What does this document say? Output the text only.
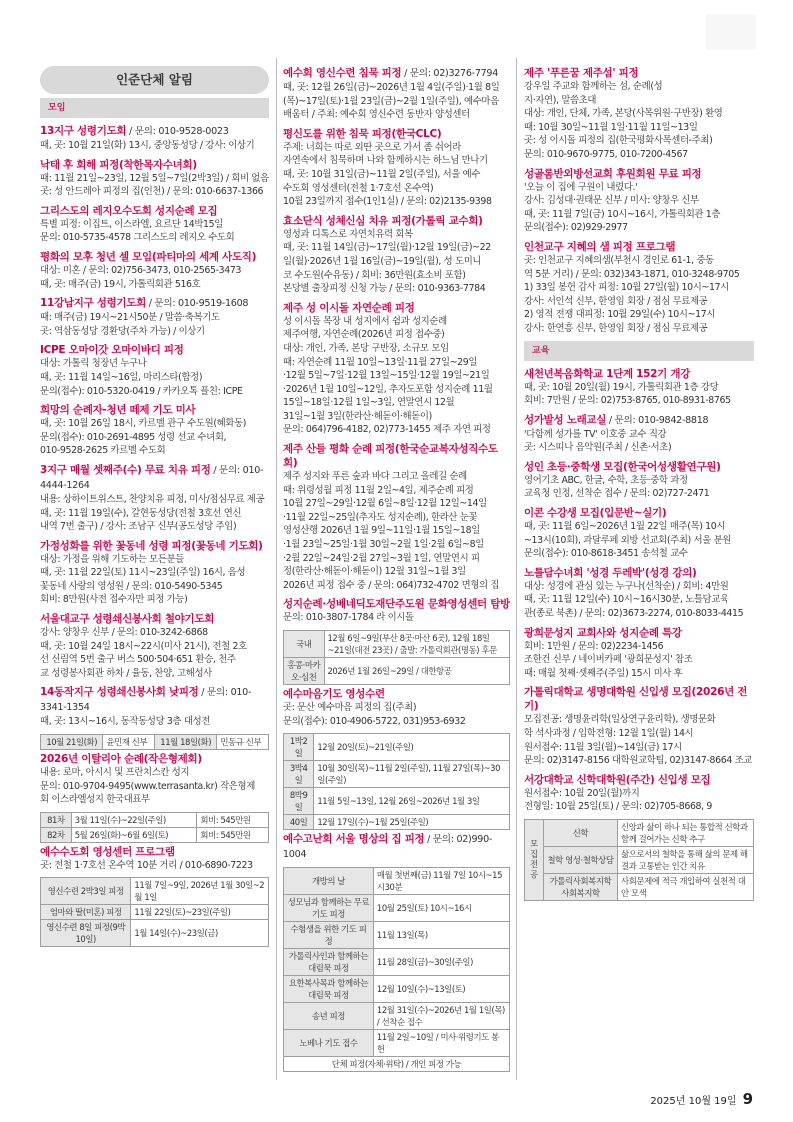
인준단체 알림
모임
13지구 성령기도회 / 문의: 010-9528-0023
때, 곳: 10월 21일(화) 13시, 중앙동성당 / 강사: 이상기
낙태 후 회해 피정(착한목자수녀회)
때: 11월 21일~23일, 12월 5일~7일(2박3일) / 회비 없음
곳: 성 안드레아 피정의 집(인천) / 문의: 010-6637-1366
그리스도의 레지오수도회 성지순례 모집
특별 피정: 이집트, 이스라엘, 요르단 14박15일
문의: 010-5735-4578 그리스도의 레지오 수도회
평화의 모후 청년 셀 모임(파티마의 세계 사도직)
대상: 미혼 / 문의: 02)756-3473, 010-2565-3473
때, 곳: 매주(금) 19시, 가톨릭회관 516호
11강남지구 성령기도회 / 문의: 010-9519-1608
때: 매주(금) 19시~21시50분 / 말씀·축복기도
곳: 역삼동성당 경환당(주차 가능) / 이상기
ICPE 오마이갓 오마이바디 피정
대상: 가톨릭 청장년 누구나
때, 곳: 11월 14일~16일, 마리스타(합정)
문의(접수): 010-5320-0419 / 카카오톡 플친: ICPE
희망의 순례자-청년 떼제 기도 미사
때, 곳: 10월 26일 18시, 카르멜 관구 수도원(혜화동)
문의(접수): 010-2691-4895 성령 선교 수녀회,
010-9528-2625 카르멜 수도회
3지구 매월 셋째주(수) 무료 치유 피정 / 문의: 010-4444-1264
내용: 상하이트위스트, 찬양치유 피정, 미사/점심무료 제공
때, 곳: 11월 19일(수), 갈현동성당(전철 3호선 연신
내역 7번 출구) / 강사: 조남구 신부(공도성당 주임)
가정성화를 위한 꽃동네 성령 피정(꽃동네 기도회)
대상: 가정을 위해 기도하는 모든분들
때, 곳: 11월 22일(토) 11시~23일(주일) 16시, 음성
꽃동네 사랑의 영성원 / 문의: 010-5490-5345
회비: 8만원(사전 접수자만 피정 가능)
서울대교구 성령쇄신봉사회 철야기도회
강사: 양창우 신부 / 문의: 010-3242-6868
때, 곳: 10월 24일 18시~22시(미사 21시), 전철 2호
선 신림역 5번 출구 버스 500·504·651 환승, 천주
교 성령봉사회관 하차 / 율동, 찬양, 고해성사
14동작지구 성령쇄신봉사회 낮피정 / 문의: 010-3341-1354
때, 곳: 13시~16시, 동작동성당 3층 대성전
10월 21일(화)	윤민재 신부	11월 18일(화)	민동규 신부
2026년 이탈리아 순례(작은형제회)
내용: 로마, 아시시 및 프란치스칸 성지
문의: 010-9704-9495(www.terrasanta.kr) 작은형제
회 이스라엘성지 한국대표부
81차	3월 11일(수)~22일(주일)	회비: 545만원
82차	5월 26일(화)~6월 6일(토)	회비: 545만원
예수수도회 영성센터 프로그램
곳: 전철 1·7호선 온수역 10분 거리 / 010-6890-7223
영신수련 2박3일 피정	11월 7일~9일, 2026년 1월 30일~2월 1일
엄마와 딸(미혼) 피정	11월 22일(토)~23일(주일)
영신수련 8일 피정(9박10일)	1월 14일(수)~23일(금)
예수회 영신수련 침묵 피정 / 문의: 02)3276-7794
때, 곳: 12월 26일(금)~2026년 1월 4일(주일)·1월 8일
(목)~17일(토)·1월 23일(금)~2월 1일(주일), 예수마음
배움터 / 주최: 예수회 영신수련 동반자 양성센터
평신도를 위한 침묵 피정(한국CLC)
주제: 너희는 따로 외딴 곳으로 가서 좀 쉬어라
자연속에서 침묵하며 나와 함께하시는 하느님 만나기
때, 곳: 10월 31일(금)~11월 2일(주일), 서울 예수
수도회 영성센터(전철 1·7호선 온수역)
10월 23일까지 접수(1인1실) / 문의: 02)2135-9398
효소단식 성체신심 치유 피정(가톨릭 교수회)
영성과 디톡스로 자연치유력 회복
때, 곳: 11월 14일(금)~17일(월)·12월 19일(금)~22
일(월)·2026년 1월 16일(금)~19일(월), 성 도미니
코 수도원(수유동) / 회비: 36만원(효소비 포함)
본당별 출장피정 신청 가능 / 문의: 010-9363-7784
제주 성 이시돌 자연순례 피정
성 이시돌 목장 내 성지에서 쉼과 성지순례
제주여행, 자연순례(2026년 피정 접수중)
대상: 개인, 가족, 본당 구반장, 소규모 모임
때: 자연순례 11월 10일~13일·11월 27일~29일
·12월 5일~7일·12월 13일~15일·12월 19일~21일
·2026년 1월 10일~12일, 추자도포함 성지순례 11월
15일~18일·12월 1일~3일, 연말연시 12월
31일~1월 3일(한라산·해돋이·해돋이)
문의: 064)796-4182, 02)773-1455 제주 자연 피정
제주 산들 평화 순례 피정(한국순교복자성직수도회)
제주 성지와 푸른 숲과 바다 그리고 올레길 순례
때: 위령성월 피정 11월 2일~4일, 제주순례 피정
10월 27일~29일·12월 6일~8일·12월 12일~14일
·11월 22일~25일(추자도 성지순례), 한라산 눈꽃
영성산행 2026년 1월 9일~11일·1월 15일~18일
·1월 23일~25일·1월 30일~2월 1일·2월 6일~8일
·2월 22일~24일·2월 27일~3월 1일, 연말연시 피
정(한라산·해돋이·해돋이) 12월 31일~1월 3일
2026년 피정 접수 중 / 문의: 064)732-4702 면형의 집
성지순례·성베네딕도재단주도원 문화영성센터 탐방
문의: 010-3807-1784 라 이시돌
국내	12월 6일~9일(부산 8곳·마산 6곳), 12월 18일~21일(대전 23곳) / 출발: 가톨릭회관(명동) 후문
홍콩·마카오·심천	2026년 1월 26일~29일 / 대한항공
예수마음기도 영성수련
곳: 문산 예수마음 피정의 집(주최)
문의(접수): 010-4906-5722, 031)953-6932
1박2일	12월 20일(토)~21일(주일)
3박4일	10월 30일(목)~11월 2일(주일), 11월 27일(목)~30일(주일)
8박9일	11월 5일~13일, 12월 26일~2026년 1월 3일
40일	12월 17일(수)~1월 25일(주일)
예수고난회 서울 명상의 집 피정 / 문의: 02)990-1004
개방의 날	매월 첫번째(금) 11월 7일 10시~15시30분
성모님과 함께하는 무료 기도 피정	10월 25일(토) 10시~16시
수험생을 위한 기도 피정	11월 13일(목)
가톨릭사인과 함께하는 대림묵 피정	11월 28일(금)~30일(주일)
요한복사목과 함께하는 대림묵 피정	12월 10일(수)~13일(토)
송년 피정	12월 31일(수)~2026년 1월 1일(목) / 선착순 접수
노베나 기도 접수	11월 2일~10일 / 미사·위령기도 봉헌
단체 피정(자체·위탁) / 개인 피정 가능	
제주 '푸른꿈 제주섬' 피정
강우일 주교와 함께하는 섬, 순례(성
지·자연), 말씀초대
대상: 개인, 단체, 가족, 본당(사목위원·구반장) 환영
때: 10월 30일~11월 1일·11월 11일~13일
곳: 성 이시돌 피정의 집(한국평화사목센터-주최)
문의: 010-9670-9775, 010-7200-4567
성골롬반외방선교회 후원회원 무료 피정
'오늘 이 집에 구원이 내렸다.'
강사: 김성대·권태문 신부 / 미사: 양창우 신부
때, 곳: 11월 7일(금) 10시~16시, 가톨릭회관 1층
문의(접수): 02)929-2977
인천교구 지혜의 샘 피정 프로그램
곳: 인천교구 지혜의샘(부천시 경인로 61-1, 중동
역 5분 거리) / 문의: 032)343-1871, 010-3248-9705
1) 33일 봉헌 감사 피정: 10월 27일(월) 10시~17시
강사: 서인석 신부, 한영임 회장 / 점심 무료제공
2) 영적 전쟁 대피정: 10월 29일(수) 10시~17시
강사: 한연흥 신부, 한영임 회장 / 점심 무료제공
교육
새천년복음화학교 1단계 152기 개강
때, 곳: 10월 20일(월) 19시, 가톨릭회관 1층 강당
회비: 7만원 / 문의: 02)753-8765, 010-8931-8765
성가발성 노래교실 / 문의: 010-9842-8818
'다함께 성가를 TV' 이호중 교수 직강
곳: 시스띠나 음악원(주최 / 신촌·서초)
성인 초등·중학생 모집(한국어성생활연구원)
영어기초 ABC, 한글, 수학, 초등·중학 과정
교육청 인정, 선착순 접수 / 문의: 02)727-2471
이콘 수강생 모집(입문반~실기)
때, 곳: 11월 6일~2026년 1월 22일 매주(목) 10시
~13시(10회), 과달루페 외방 선교회(주최) 서울 분원
문의(접수): 010-8618-3451 송석철 교수
노틀담수녀회 '성경 두레박'(성경 강의)
대상: 성경에 관심 있는 누구나(선착순) / 회비: 4만원
때, 곳: 11월 12일(수) 10시~16시30분, 노틀담교육
관(종로 북촌) / 문의: 02)3673-2274, 010-8033-4415
광희문성지 교회사와 성지순례 특강
회비: 1만원 / 문의: 02)2234-1456
조한건 신부 / 네이버카페 '광희문성지' 참조
때: 매월 첫째·셋째주(주일) 15시 미사 후
가톨릭대학교 생명대학원 신입생 모집(2026년 전기)
모집전공: 생명윤리학(일상연구윤리학), 생명문화
학 석사과정 / 입학전형: 12월 1일(월) 14시
원서접수: 11월 3일(월)~14일(금) 17시
문의: 02)3147-8156 대학원교학팀, 02)3147-8664 조교
서강대학교 신학대학원(주간) 신입생 모집
원서접수: 10월 20일(월)까지
전형일: 10월 25일(토) / 문의: 02)705-8668, 9
모집전공	신학	신앙과 삶이 하나 되는 통합적 신학과 함께 걸어가는 신학 추구
	철학 영성·철학상담	삶으로서의 철학을 통해 삶의 문제 해결과 고통받는 인간 치유
	가톨릭사회복지학 사회복지학	사회문제에 적극 개입하여 실천적 대안 모색
2025년 10월 19일 9
